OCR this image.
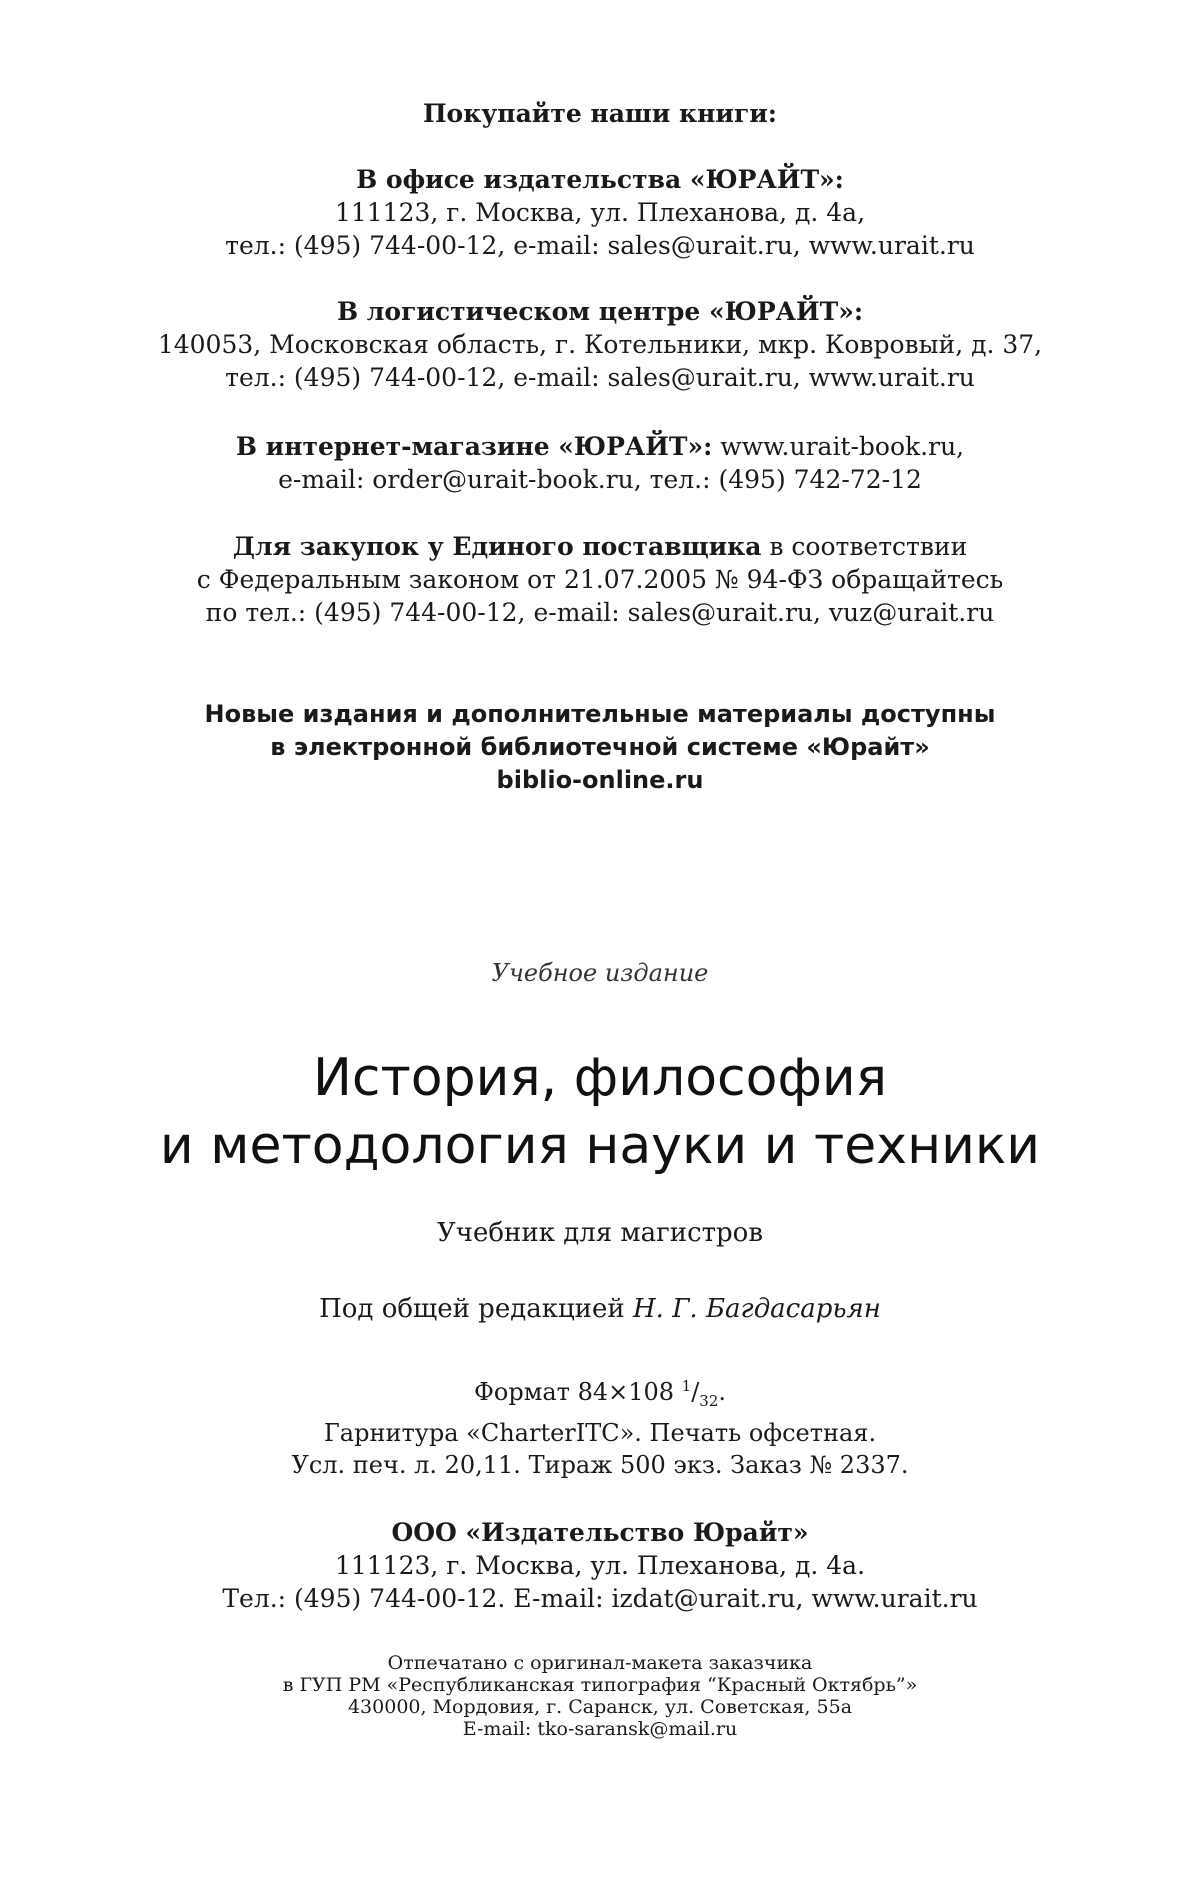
Покупайте наши книги:
В офисе издательства «ЮРАЙТ»:
111123, г. Москва, ул. Плеханова, д. 4а,
тел.: (495) 744-00-12, e-mail: sales@urait.ru, www.urait.ru
В логистическом центре «ЮРАЙТ»:
140053, Московская область, г. Котельники, мкр. Ковровый, д. 37,
тел.: (495) 744-00-12, e-mail: sales@urait.ru, www.urait.ru
В интернет-магазине «ЮРАЙТ»: www.urait-book.ru,
e-mail: order@urait-book.ru, тел.: (495) 742-72-12
Для закупок у Единого поставщика в соответствии
с Федеральным законом от 21.07.2005 № 94-ФЗ обращайтесь
по тел.: (495) 744-00-12, e-mail: sales@urait.ru, vuz@urait.ru
Новые издания и дополнительные материалы доступны
в электронной библиотечной системе «Юрайт»
biblio-online.ru
Учебное издание
История, философия
и методология науки и техники
Учебник для магистров
Под общей редакцией Н. Г. Багдасарьян
Формат 84×108 $^1/_{32}$.
Гарнитура «CharterITC». Печать офсетная.
Усл. печ. л. 20,11. Тираж 500 экз. Заказ № 2337.
ООО «Издательство Юрайт»
111123, г. Москва, ул. Плеханова, д. 4а.
Тел.: (495) 744-00-12. E-mail: izdat@urait.ru, www.urait.ru
Отпечатано с оригинал-макета заказчика
в ГУП РМ «Республиканская типография “Красный Октябрь”»
430000, Мордовия, г. Саранск, ул. Советская, 55а
E-mail: tko-saransk@mail.ru
